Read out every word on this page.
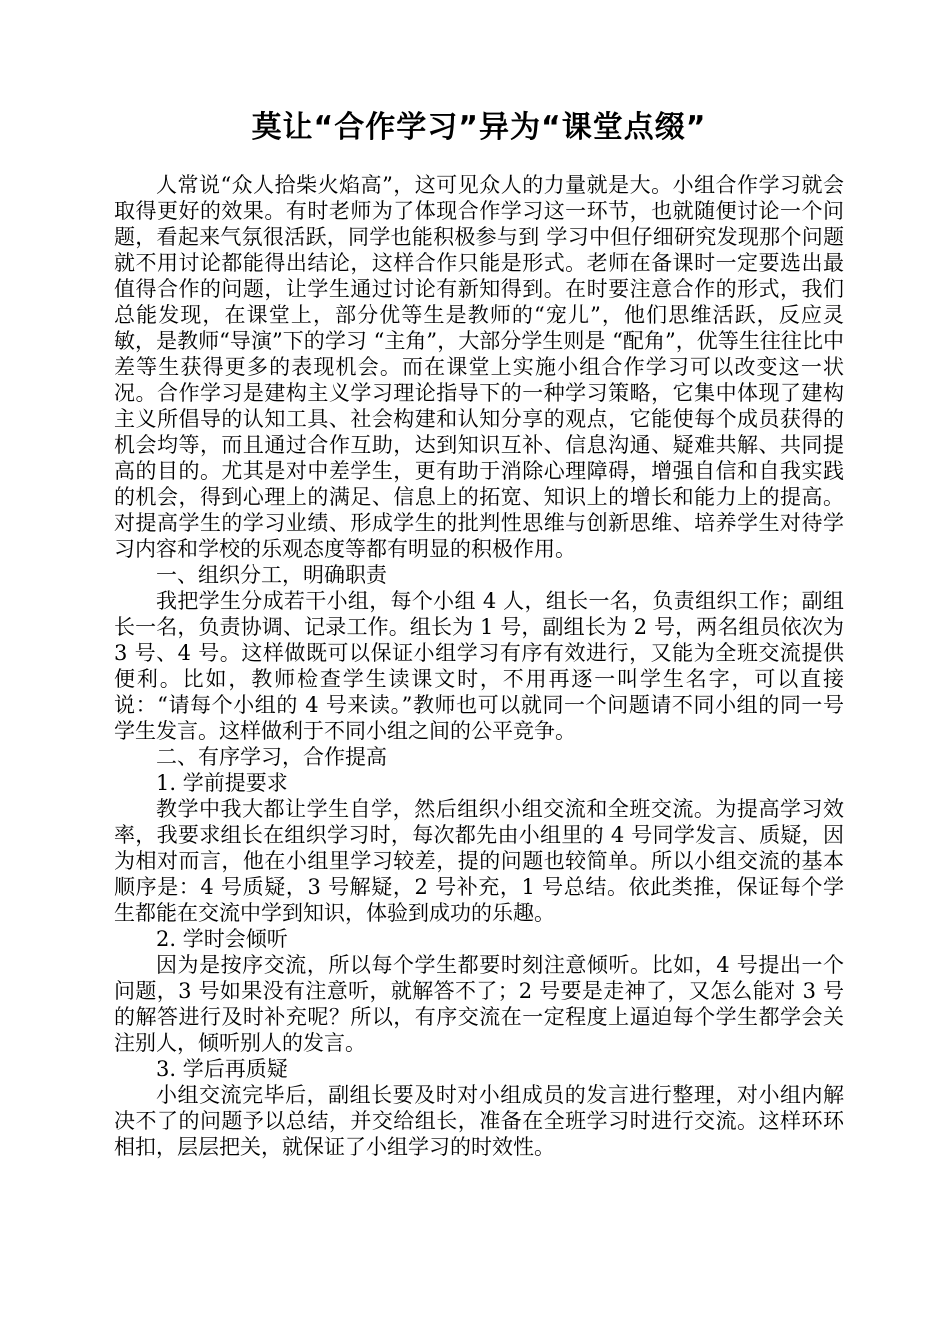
莫让“合作学习”异为“课堂点缀”

人常说“众人拾柴火焰高”，这可见众人的力量就是大。小组合作学习就会取得更好的效果。有时老师为了体现合作学习这一环节，也就随便讨论一个问题，看起来气氛很活跃，同学也能积极参与到 学习中但仔细研究发现那个问题就不用讨论都能得出结论，这样合作只能是形式。老师在备课时一定要选出最值得合作的问题，让学生通过讨论有新知得到。在时要注意合作的形式，我们总能发现，在课堂上，部分优等生是教师的“宠儿”，他们思维活跃，反应灵敏，是教师“导演”下的学习 “主角”，大部分学生则是 “配角”，优等生往往比中差等生获得更多的表现机会。而在课堂上实施小组合作学习可以改变这一状况。合作学习是建构主义学习理论指导下的一种学习策略，它集中体现了建构主义所倡导的认知工具、社会构建和认知分享的观点，它能使每个成员获得的机会均等，而且通过合作互助，达到知识互补、信息沟通、疑难共解、共同提高的目的。尤其是对中差学生，更有助于消除心理障碍，增强自信和自我实践的机会，得到心理上的满足、信息上的拓宽、知识上的增长和能力上的提高。对提高学生的学习业绩、形成学生的批判性思维与创新思维、培养学生对待学习内容和学校的乐观态度等都有明显的积极作用。

一、组织分工，明确职责

我把学生分成若干小组，每个小组 4 人，组长一名，负责组织工作；副组长一名，负责协调、记录工作。组长为 1 号，副组长为 2 号，两名组员依次为 3 号、4 号。这样做既可以保证小组学习有序有效进行，又能为全班交流提供便利。比如，教师检查学生读课文时，不用再逐一叫学生名字，可以直接说：“请每个小组的 4 号来读。”教师也可以就同一个问题请不同小组的同一号学生发言。这样做利于不同小组之间的公平竞争。

二、有序学习，合作提高

1. 学前提要求

教学中我大都让学生自学，然后组织小组交流和全班交流。为提高学习效率，我要求组长在组织学习时，每次都先由小组里的 4 号同学发言、质疑，因为相对而言，他在小组里学习较差，提的问题也较简单。所以小组交流的基本顺序是：4 号质疑，3 号解疑，2 号补充，1 号总结。依此类推，保证每个学生都能在交流中学到知识，体验到成功的乐趣。

2. 学时会倾听

因为是按序交流，所以每个学生都要时刻注意倾听。比如，4 号提出一个问题，3 号如果没有注意听，就解答不了；2 号要是走神了，又怎么能对 3 号的解答进行及时补充呢？所以，有序交流在一定程度上逼迫每个学生都学会关注别人，倾听别人的发言。

3. 学后再质疑

小组交流完毕后，副组长要及时对小组成员的发言进行整理，对小组内解决不了的问题予以总结，并交给组长，准备在全班学习时进行交流。这样环环相扣，层层把关，就保证了小组学习的时效性。
